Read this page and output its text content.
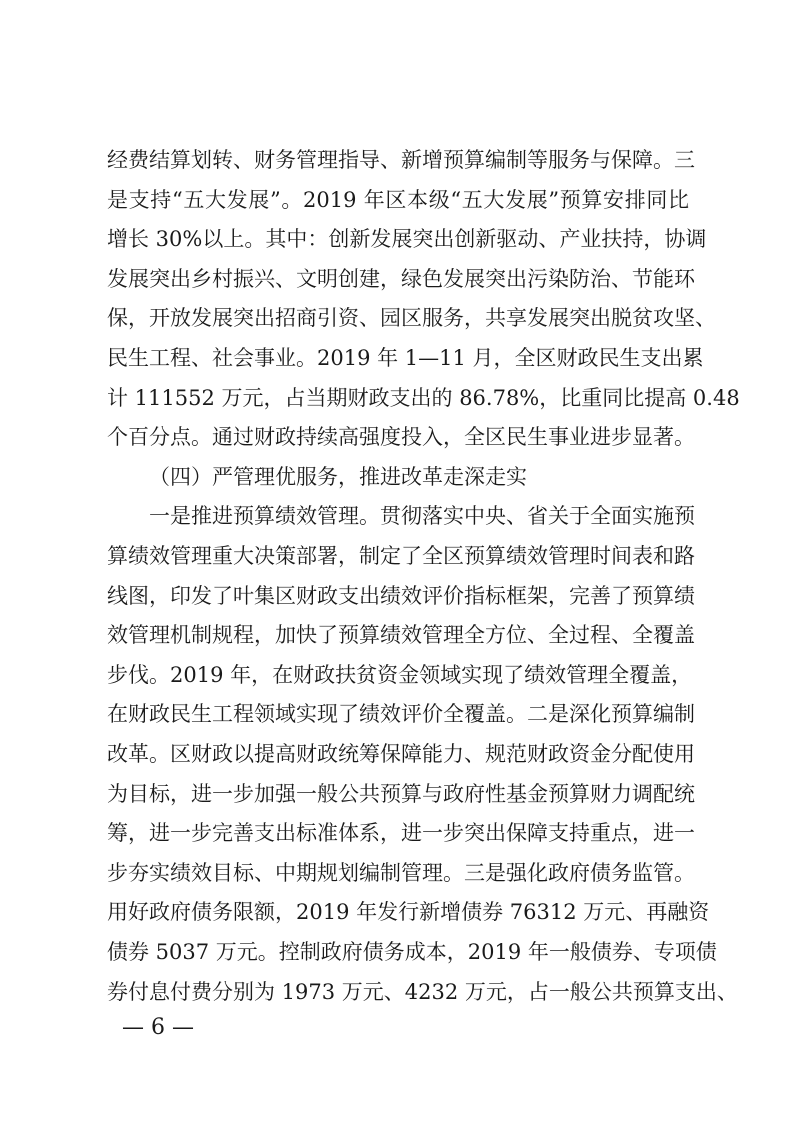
经费结算划转、财务管理指导、新增预算编制等服务与保障。三
是支持“五大发展”。2019 年区本级“五大发展”预算安排同比
增长 30%以上。其中：创新发展突出创新驱动、产业扶持，协调
发展突出乡村振兴、文明创建，绿色发展突出污染防治、节能环
保，开放发展突出招商引资、园区服务，共享发展突出脱贫攻坚、
民生工程、社会事业。2019 年 1—11 月，全区财政民生支出累
计 111552 万元，占当期财政支出的 86.78%，比重同比提高 0.48
个百分点。通过财政持续高强度投入，全区民生事业进步显著。
（四）严管理优服务，推进改革走深走实
一是推进预算绩效管理。贯彻落实中央、省关于全面实施预
算绩效管理重大决策部署，制定了全区预算绩效管理时间表和路
线图，印发了叶集区财政支出绩效评价指标框架，完善了预算绩
效管理机制规程，加快了预算绩效管理全方位、全过程、全覆盖
步伐。2019 年，在财政扶贫资金领域实现了绩效管理全覆盖，
在财政民生工程领域实现了绩效评价全覆盖。二是深化预算编制
改革。区财政以提高财政统筹保障能力、规范财政资金分配使用
为目标，进一步加强一般公共预算与政府性基金预算财力调配统
筹，进一步完善支出标准体系，进一步突出保障支持重点，进一
步夯实绩效目标、中期规划编制管理。三是强化政府债务监管。
用好政府债务限额，2019 年发行新增债券 76312 万元、再融资
— 6 —
债券 5037 万元。控制政府债务成本，2019 年一般债券、专项债
券付息付费分别为 1973 万元、4232 万元，占一般公共预算支出、
